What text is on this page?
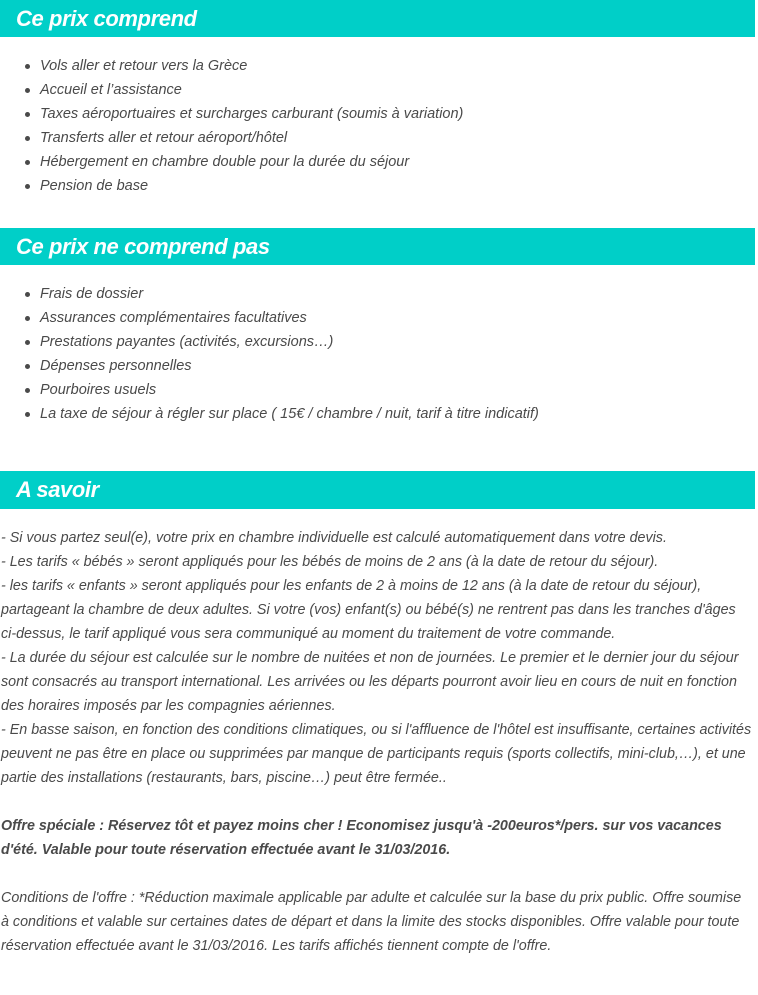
Ce prix comprend
Vols aller et retour vers la Grèce
Accueil et l’assistance
Taxes aéroportuaires et surcharges carburant (soumis à variation)
Transferts aller et retour aéroport/hôtel
Hébergement en chambre double pour la durée du séjour
Pension de base
Ce prix ne comprend pas
Frais de dossier
Assurances complémentaires facultatives
Prestations payantes (activités, excursions…)
Dépenses personnelles
Pourboires usuels
La taxe de séjour à régler sur place ( 15€ / chambre / nuit, tarif à titre indicatif)
A savoir

- Si vous partez seul(e), votre prix en chambre individuelle est calculé automatiquement dans votre devis.

- Les tarifs « bébés » seront appliqués pour les bébés de moins de 2 ans (à la date de retour du séjour).

- les tarifs « enfants » seront appliqués pour les enfants de 2 à moins de 12 ans (à la date de retour du séjour), partageant la chambre de deux adultes. Si votre (vos) enfant(s) ou bébé(s) ne rentrent pas dans les tranches d'âges ci-dessus, le tarif appliqué vous sera communiqué au moment du traitement de votre commande.

- La durée du séjour est calculée sur le nombre de nuitées et non de journées. Le premier et le dernier jour du séjour sont consacrés au transport international. Les arrivées ou les départs pourront avoir lieu en cours de nuit en fonction des horaires imposés par les compagnies aériennes.

- En basse saison, en fonction des conditions climatiques, ou si l'affluence de l'hôtel est insuffisante, certaines activités peuvent ne pas être en place ou supprimées par manque de participants requis (sports collectifs, mini-club,…), et une partie des installations (restaurants, bars, piscine…) peut être fermée..

Offre spéciale : Réservez tôt et payez moins cher ! Economisez jusqu'à -200euros*/pers. sur vos vacances d'été. Valable pour toute réservation effectuée avant le 31/03/2016.

Conditions de l'offre : *Réduction maximale applicable par adulte et calculée sur la base du prix public. Offre soumise à conditions et valable sur certaines dates de départ et dans la limite des stocks disponibles. Offre valable pour toute réservation effectuée avant le 31/03/2016. Les tarifs affichés tiennent compte de l'offre.
